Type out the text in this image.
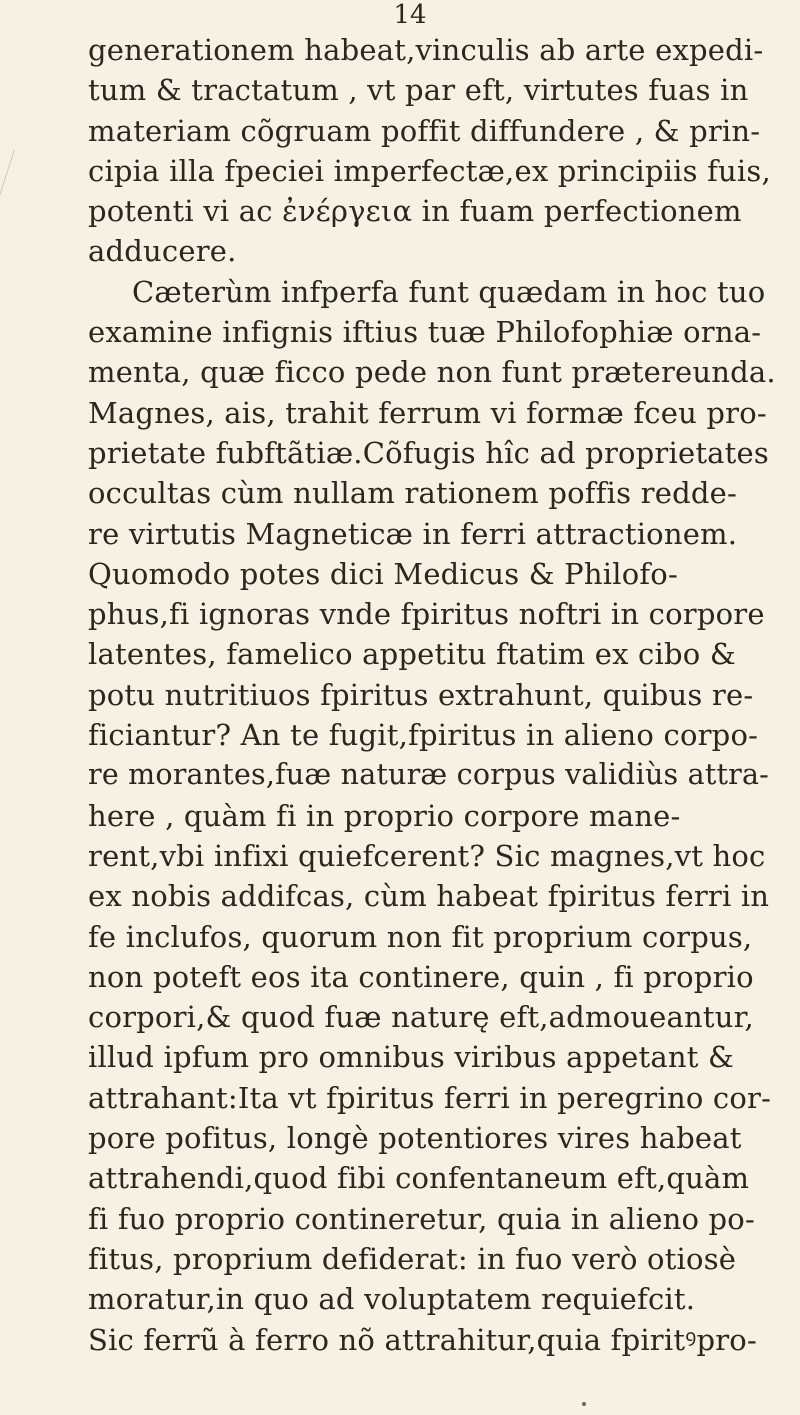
14
generationem habeat,vinculis ab arte expedi-
tum & tractatum , vt par eft, virtutes fuas in
materiam cõgruam poffit diffundere , & prin-
cipia illa fpeciei imperfectæ,ex principiis fuis,
potenti vi ac ἐνέργεια in fuam perfectionem
adducere.
Cæterùm infperfa funt quædam in hoc tuo
examine infignis iftius tuæ Philofophiæ orna-
menta, quæ ficco pede non funt prætereunda.
Magnes, ais, trahit ferrum vi formæ fceu pro-
prietate fubftãtiæ.Cõfugis hîc ad proprietates
occultas cùm nullam rationem poffis redde-
re virtutis Magneticæ in ferri attractionem.
Quomodo potes dici Medicus & Philofo-
phus,fi ignoras vnde fpiritus noftri in corpore
latentes, famelico appetitu ftatim ex cibo &
potu nutritiuos fpiritus extrahunt, quibus re-
ficiantur? An te fugit,fpiritus in alieno corpo-
re morantes,fuæ naturæ corpus validiùs attra-
here , quàm fi in proprio corpore mane-
rent,vbi infixi quiefcerent? Sic magnes,vt hoc
ex nobis addifcas, cùm habeat fpiritus ferri in
fe inclufos, quorum non fit proprium corpus,
non poteft eos ita continere, quin , fi proprio
corpori,& quod fuæ naturę eft,admoueantur,
illud ipfum pro omnibus viribus appetant &
attrahant:Ita vt fpiritus ferri in peregrino cor-
pore pofitus, longè potentiores vires habeat
attrahendi,quod fibi confentaneum eft,quàm
fi fuo proprio contineretur, quia in alieno po-
fitus, proprium defiderat: in fuo verò otiosè
moratur,in quo ad voluptatem requiefcit.
Sic ferrũ à ferro nõ attrahitur,quia fpiritꝰpro-
